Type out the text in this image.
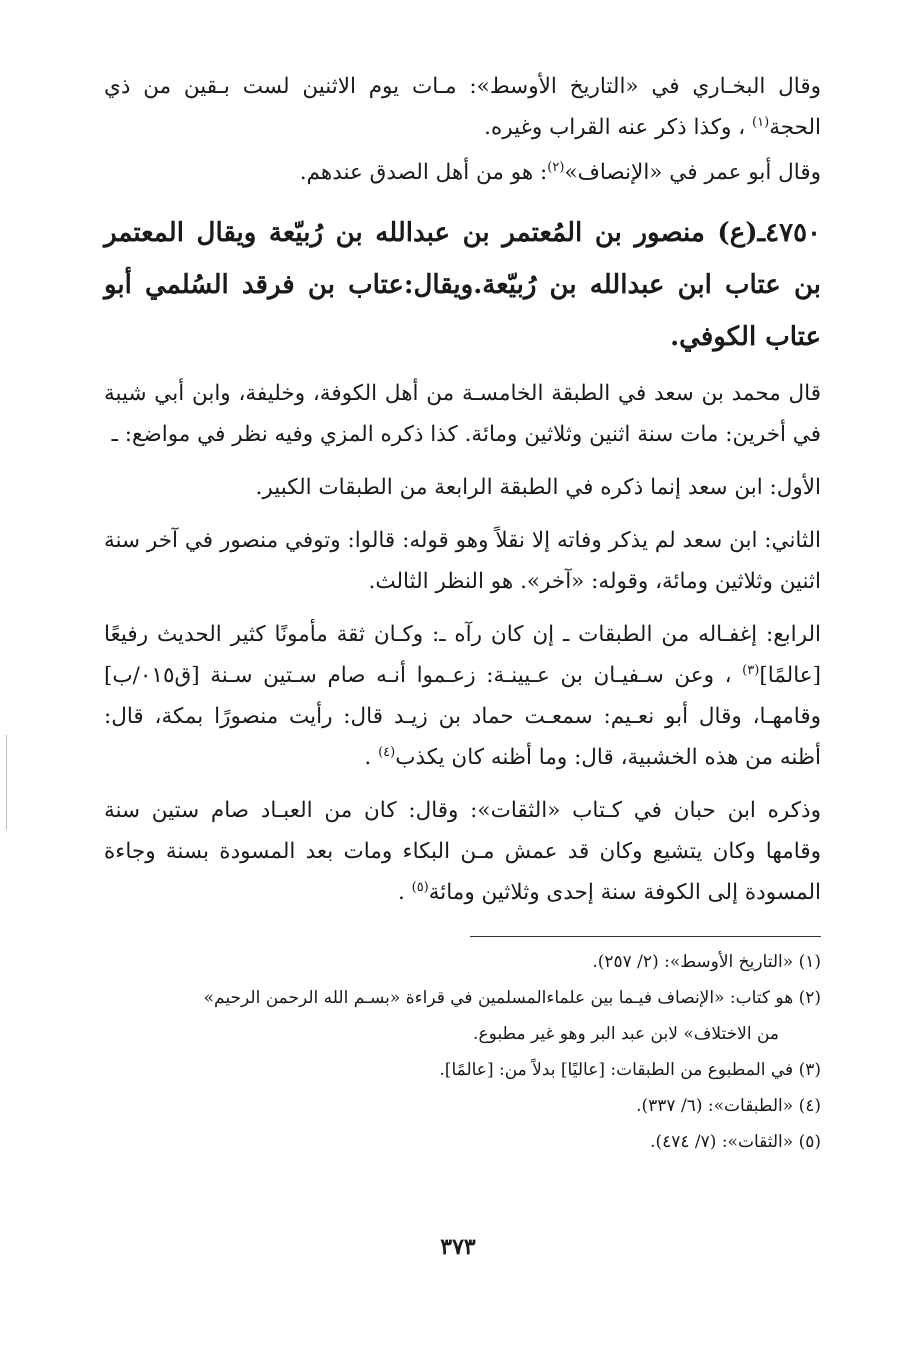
وقال البخـاري في «التاريخ الأوسط»: مـات يوم الاثنين لست بـقين من ذي الحجة$^{(١)}$ ، وكذا ذكر عنه القراب وغيره.

وقال أبو عمر في «الإنصاف»$^{(٢)}$: هو من أهل الصدق عندهم.

٤٧٥٠ـ(ع) منصور بن المُعتمر بن عبدالله بن رُبيّعة ويقال المعتمر بن عتاب ابن عبدالله بن رُبيّعة.ويقال:عتاب بن فرقد السُلمي أبو عتاب الكوفي.

قال محمد بن سعد في الطبقة الخامسـة من أهل الكوفة، وخليفة، وابن أبي شيبة في أخرين: مات سنة اثنين وثلاثين ومائة. كذا ذكره المزي وفيه نظر في مواضع: ـ

الأول: ابن سعد إنما ذكره في الطبقة الرابعة من الطبقات الكبير.

الثاني: ابن سعد لم يذكر وفاته إلا نقلاً وهو قوله: قالوا: وتوفي منصور في آخر سنة اثنين وثلاثين ومائة، وقوله: «آخر». هو النظر الثالث.

الرابع: إغفـاله من الطبقات ـ إن كان رآه ـ: وكـان ثقة مأمونًا كثير الحديث رفيعًا [عالمًا]$^{(٣)}$ ، وعن سـفيـان بن عـيينـة: زعـموا أنـه صام سـتين سـنة [ق٠١٥/ب] وقامهـا، وقال أبو نعـيم: سمعـت حماد بن زيـد قال: رأيت منصورًا بمكة، قال: أظنه من هذه الخشبية، قال: وما أظنه كان يكذب$^{(٤)}$ .

وذكره ابن حبان في كـتاب «الثقات»: وقال: كان من العبـاد صام ستين سنة وقامها وكان يتشيع وكان قد عمش مـن البكاء ومات بعد المسودة بسنة وجاءة المسودة إلى الكوفة سنة إحدى وثلاثين ومائة$^{(٥)}$ .

(١) «التاريخ الأوسط»: (٢/ ٢٥٧).

(٢) هو كتاب: «الإنصاف فيـما بين علماءالمسلمين في قراءة «بسـم الله الرحمن الرحيم»

من الاختلاف» لابن عبد البر وهو غير مطبوع.

(٣) في المطبوع من الطبقات: [عاليًا] بدلاً من: [عالمًا].

(٤) «الطبقات»: (٦/ ٣٣٧).

(٥) «الثقات»: (٧/ ٤٧٤).

٣٧٣
